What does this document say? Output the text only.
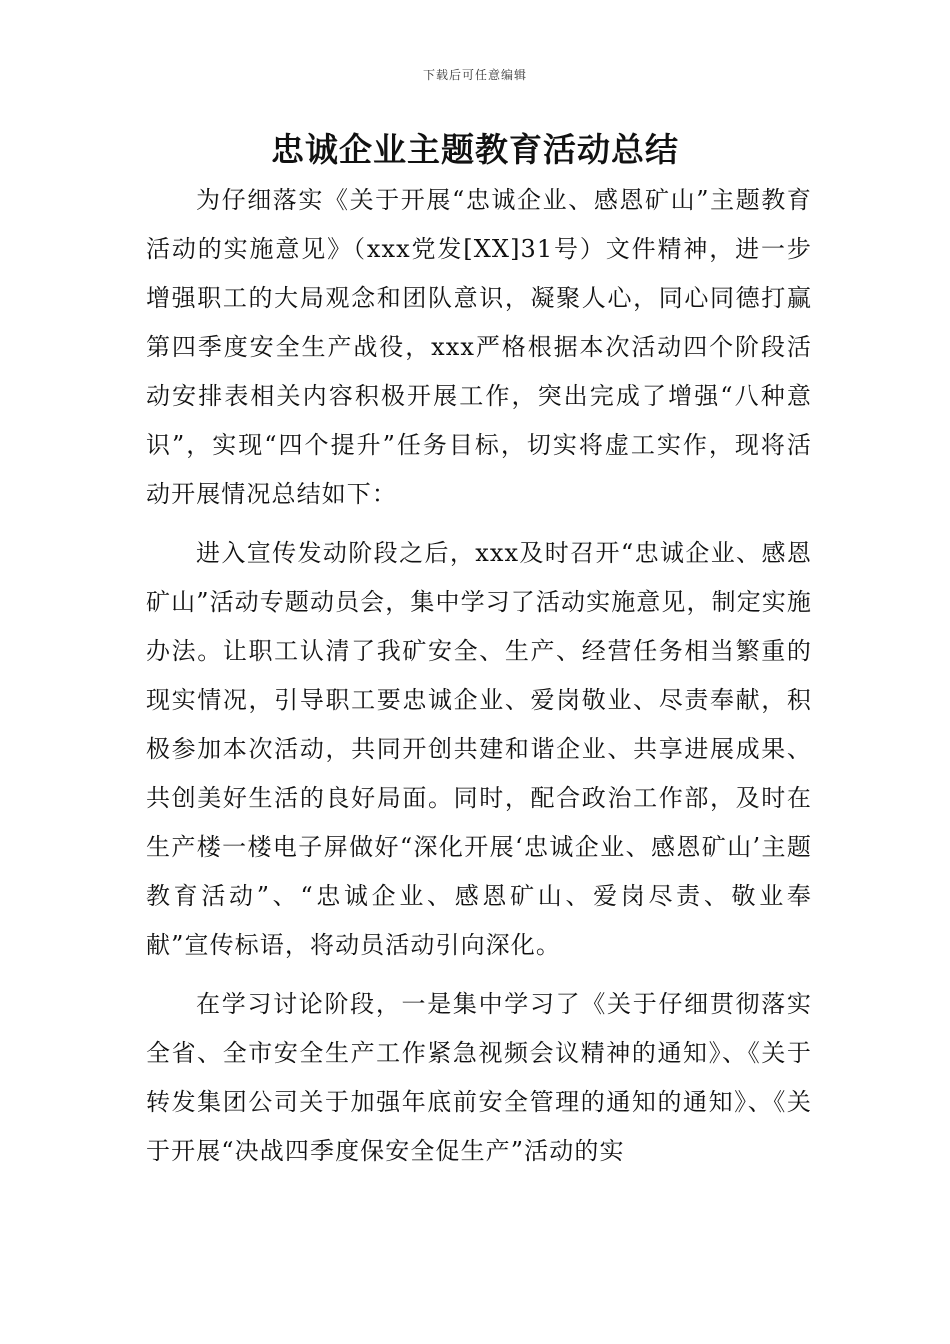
下载后可任意编辑
忠诚企业主题教育活动总结

为仔细落实《关于开展“忠诚企业、感恩矿山”主题教育活动的实施意见》（xxx党发[XX]31号）文件精神，进一步增强职工的大局观念和团队意识，凝聚人心，同心同德打赢第四季度安全生产战役，xxx严格根据本次活动四个阶段活动安排表相关内容积极开展工作，突出完成了增强“八种意识”，实现“四个提升”任务目标，切实将虚工实作，现将活动开展情况总结如下：

进入宣传发动阶段之后，xxx及时召开“忠诚企业、感恩矿山”活动专题动员会，集中学习了活动实施意见，制定实施办法。让职工认清了我矿安全、生产、经营任务相当繁重的现实情况，引导职工要忠诚企业、爱岗敬业、尽责奉献，积极参加本次活动，共同开创共建和谐企业、共享进展成果、共创美好生活的良好局面。同时，配合政治工作部，及时在生产楼一楼电子屏做好“深化开展‘忠诚企业、感恩矿山’主题教育活动”、“忠诚企业、感恩矿山、爱岗尽责、敬业奉献”宣传标语，将动员活动引向深化。

在学习讨论阶段，一是集中学习了《关于仔细贯彻落实全省、全市安全生产工作紧急视频会议精神的通知》、《关于转发集团公司关于加强年底前安全管理的通知的通知》、《关于开展“决战四季度保安全促生产”活动的实
